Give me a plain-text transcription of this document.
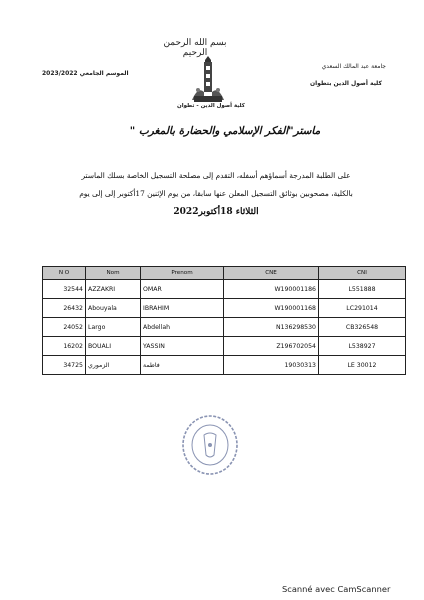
بسم الله الرحمن الرحيم
كلية أصول الدين - تطوان
جامعة عبد المالك السعدي
كلية أصول الدين بتطوان
الموسم الجامعي 2023/2022
ماستر"الفكر الإسلامي والحضارة بالمغرب "
على الطلبة المدرجة أسماؤهم أسفله، التقدم إلى مصلحة التسجيل الخاصة بسلك الماستر
بالكلية، مصحوبين بوثائق التسجيل المعلن عنها سابقا، من يوم الإثنين 17أكتوبر إلى إلى يوم
الثلاثاء 18أكتوبر2022
N O	Nom	Prenom	CNE	CNI
32544	AZZAKRI	OMAR	W190001186	L551888
26432	Abouyala	IBRAHIM	W190001168	LC291014
24052	Largo	Abdellah	N136298530	CB326548
16202	BOUALI	YASSIN	Z196702054	L538927
34725	الزموري	فاطمة	19030313	LE 30012
Scanné avec CamScanner
